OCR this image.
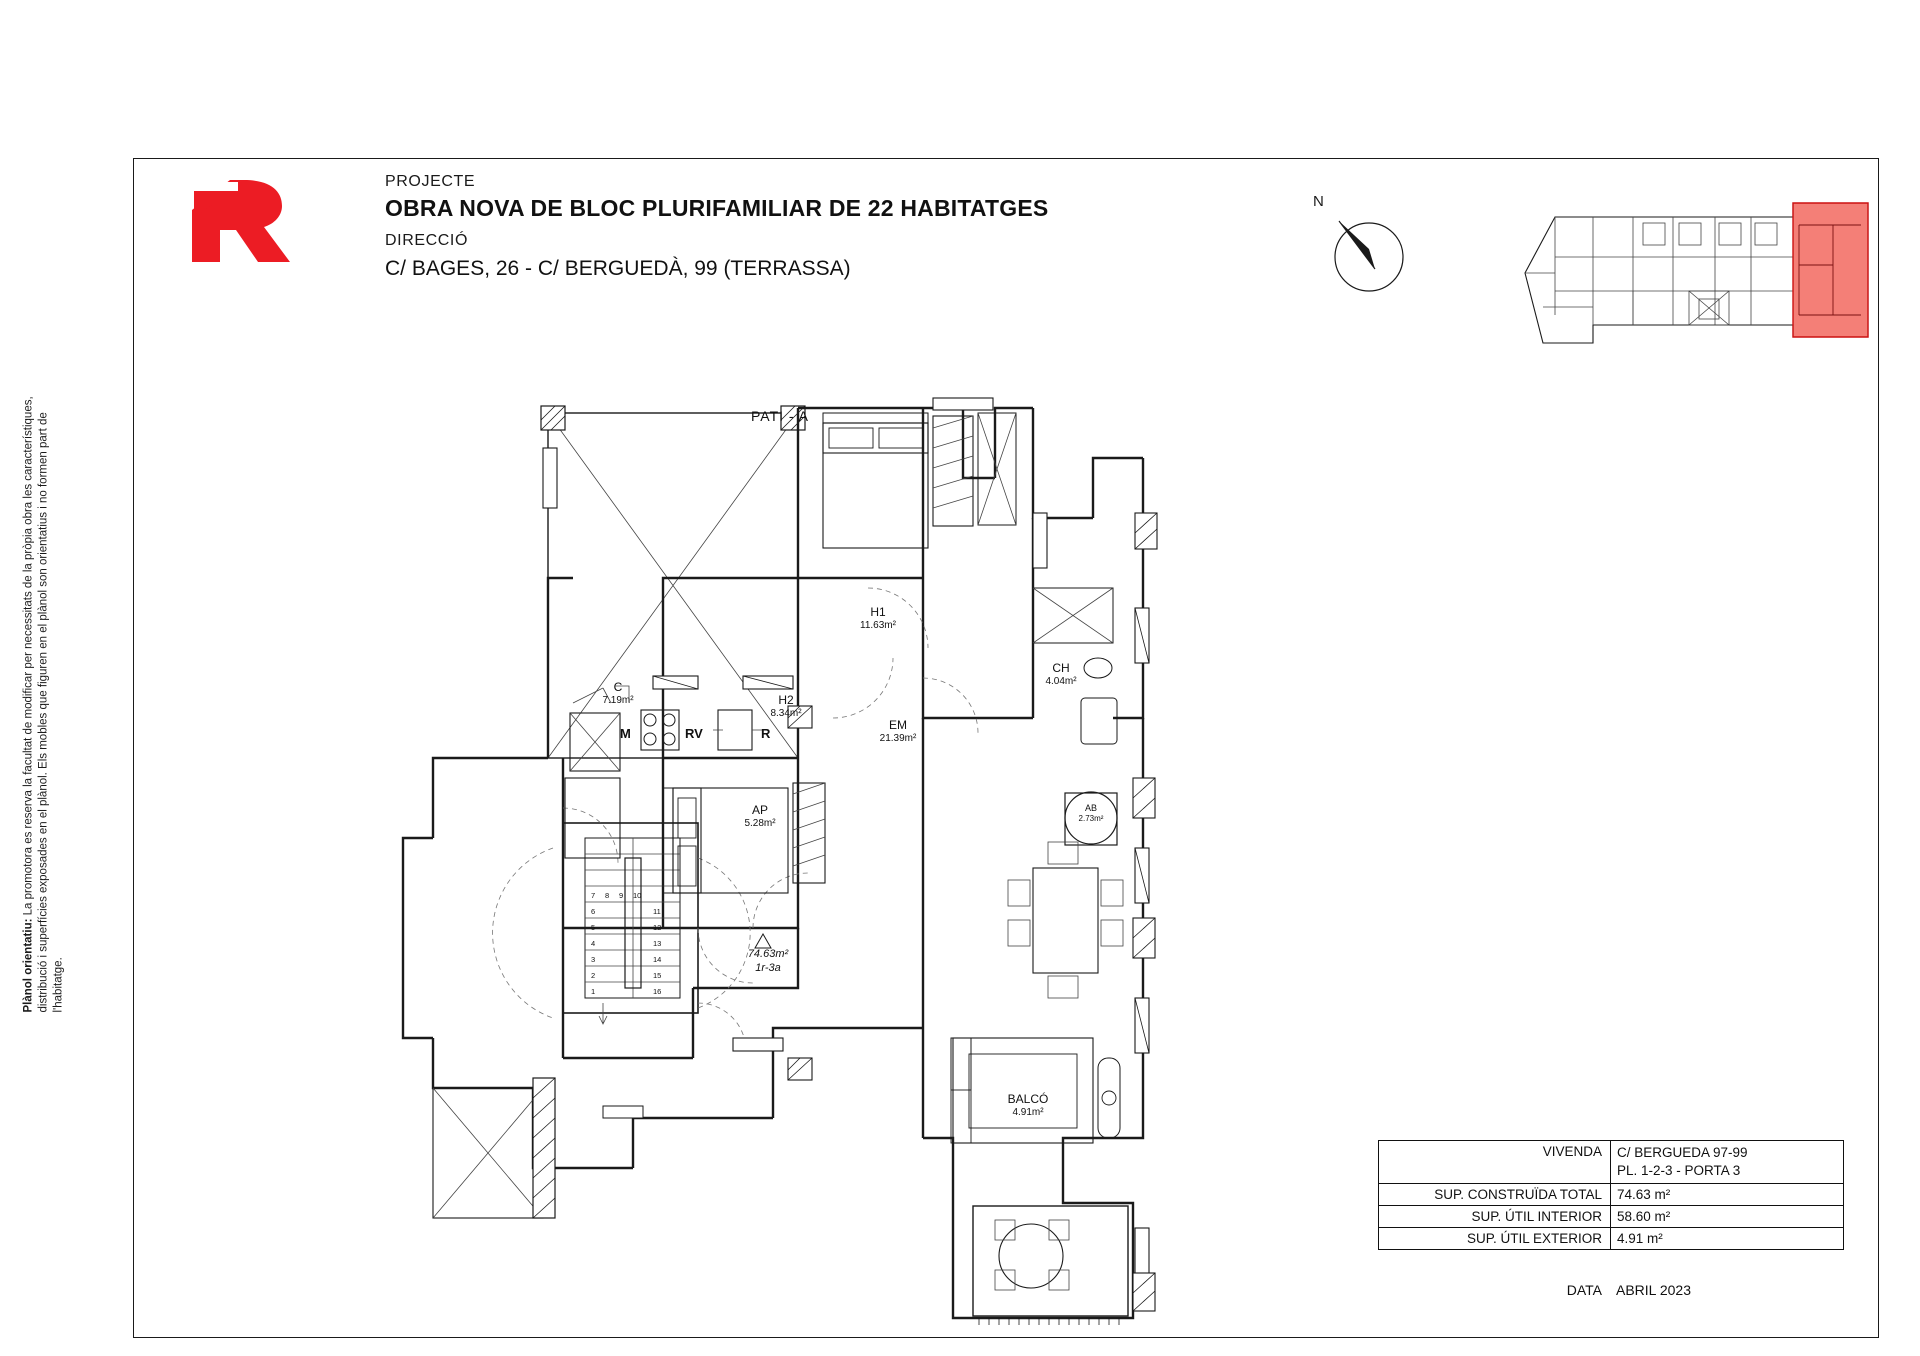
PROJECTE
OBRA NOVA DE BLOC PLURIFAMILIAR DE 22 HABITATGES
DIRECCIÓ
C/ BAGES, 26 - C/ BERGUEDÀ, 99 (TERRASSA)
N
Plànol orientatiu: La promotora es reserva la facultat de modificar per necessitats de la pròpia obra les característiques, distribució i superfícies exposades en el plànol. Els mobles que figuren en el plànol son orientatius i no formen part de l'habitatge.	1
2
3
4
5
6
7 8 9 10
11
12
13
14
15
16
M	RV	R
PATI - A
H1
11.63m²
CH
4.04m²
H2
8.34m²
EM
21.39m²
C
7.19m²
AP
5.28m²
AB
2.73m²
BALCÓ
4.91m²
74.63m²
1r-3a
VIVENDA	C/ BERGUEDA 97-99
PL. 1-2-3 - PORTA 3
SUP. CONSTRUÏDA TOTAL	74.63 m²
SUP. ÚTIL INTERIOR	58.60 m²
SUP. ÚTIL EXTERIOR	4.91 m²
DATA	ABRIL 2023
